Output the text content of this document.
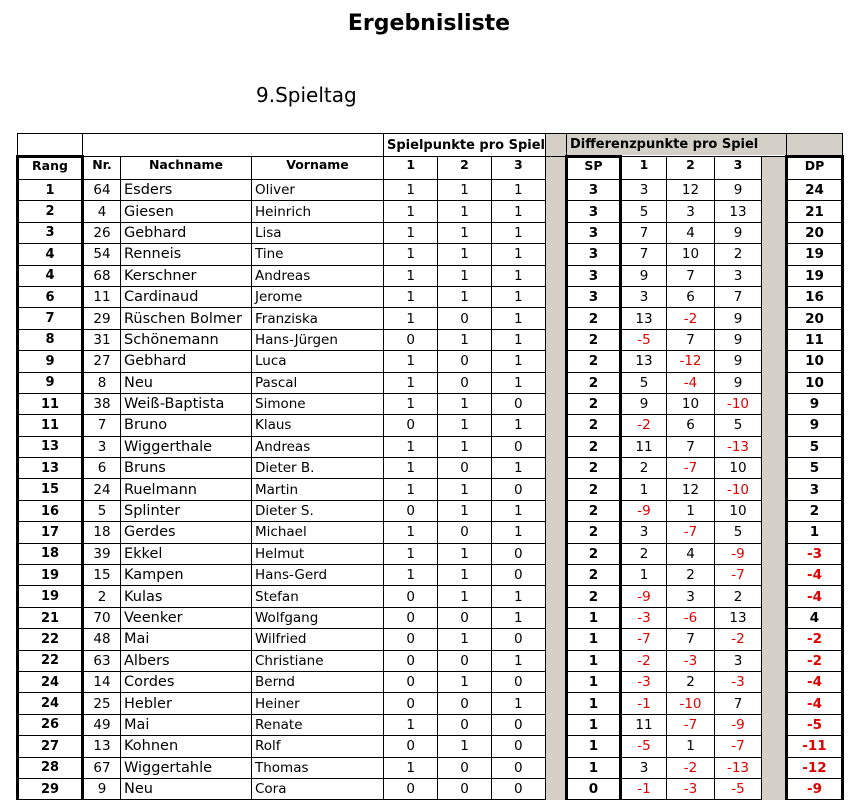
Ergebnisliste
9.Spieltag
				Spielpunkte pro Spiel				Differenzpunkte pro Spiel					
Rang	Nr.	Nachname	Vorname	1	2	3		SP	1	2	3		DP
1	64	Esders	Oliver	1	1	1		3	3	12	9		24
2	4	Giesen	Heinrich	1	1	1		3	5	3	13		21
3	26	Gebhard	Lisa	1	1	1		3	7	4	9		20
4	54	Renneis	Tine	1	1	1		3	7	10	2		19
4	68	Kerschner	Andreas	1	1	1		3	9	7	3		19
6	11	Cardinaud	Jerome	1	1	1		3	3	6	7		16
7	29	Rüschen Bolmer	Franziska	1	0	1		2	13	-2	9		20
8	31	Schönemann	Hans-Jürgen	0	1	1		2	-5	7	9		11
9	27	Gebhard	Luca	1	0	1		2	13	-12	9		10
9	8	Neu	Pascal	1	0	1		2	5	-4	9		10
11	38	Weiß-Baptista	Simone	1	1	0		2	9	10	-10		9
11	7	Bruno	Klaus	0	1	1		2	-2	6	5		9
13	3	Wiggerthale	Andreas	1	1	0		2	11	7	-13		5
13	6	Bruns	Dieter B.	1	0	1		2	2	-7	10		5
15	24	Ruelmann	Martin	1	1	0		2	1	12	-10		3
16	5	Splinter	Dieter S.	0	1	1		2	-9	1	10		2
17	18	Gerdes	Michael	1	0	1		2	3	-7	5		1
18	39	Ekkel	Helmut	1	1	0		2	2	4	-9		-3
19	15	Kampen	Hans-Gerd	1	1	0		2	1	2	-7		-4
19	2	Kulas	Stefan	0	1	1		2	-9	3	2		-4
21	70	Veenker	Wolfgang	0	0	1		1	-3	-6	13		4
22	48	Mai	Wilfried	0	1	0		1	-7	7	-2		-2
22	63	Albers	Christiane	0	0	1		1	-2	-3	3		-2
24	14	Cordes	Bernd	0	1	0		1	-3	2	-3		-4
24	25	Hebler	Heiner	0	0	1		1	-1	-10	7		-4
26	49	Mai	Renate	1	0	0		1	11	-7	-9		-5
27	13	Kohnen	Rolf	0	1	0		1	-5	1	-7		-11
28	67	Wiggertahle	Thomas	1	0	0		1	3	-2	-13		-12
29	9	Neu	Cora	0	0	0		0	-1	-3	-5		-9
